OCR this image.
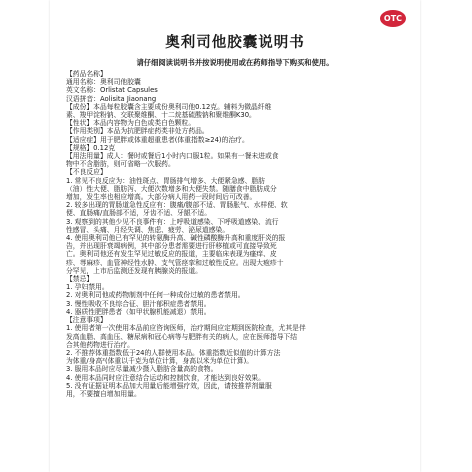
OTC
奥利司他胶囊说明书
请仔细阅读说明书并按说明使用或在药师指导下购买和使用。

【药品名称】

通用名称：奥利司他胶囊

英文名称：Orlistat Capsules

汉语拼音：Aolisita Jiaonang

【成份】本品每粒胶囊含主要成份奥利司他0.12克。辅料为微晶纤维

素、羧甲淀粉钠、交联聚维酮、十二烷基硫酸钠和聚维酮K30。

【性状】本品内容物为白色或类白色颗粒。

【作用类别】本品为抗肥胖症药类非处方药品。

【适应症】用于肥胖或体重超重患者(体重指数≥24)的治疗。

【规格】0.12克

【用法用量】成人：餐时或餐后1小时内口服1粒。如果有一餐未进或食

物中不含脂肪，则可省略一次服药。

【不良反应】

1. 常见不良反应为：油性斑点、胃肠排气增多、大便紧急感、脂肪

（油）性大便、脂肪泻、大便次数增多和大便失禁。随膳食中脂肪成分

增加，发生率也相应增高。大部分病人用药一段时间后可改善。

2. 较多出现的胃肠道急性反应有：腹痛/腹部不适、胃肠胀气、水样便、软

便、直肠痛/直肠部不适，牙齿不适、牙龈不适。

3. 观察到的其他少见不良事件有：上呼吸道感染、下呼吸道感染、流行

性感冒、头痛、月经失调、焦虑、疲劳、泌尿道感染。

4. 使用奥利司他已有罕见的转氨酶升高、碱性磷酸酶升高和重度肝炎的报

告，并出现肝衰竭病例，其中部分患者需要进行肝移植或可直接导致死

亡。奥利司他还有发生罕见过敏反应的报道，主要临床表现为瘙痒、皮

疹、荨麻疹、血管神经性水肿、支气管痉挛和过敏性反应。出现大疱疹十

分罕见，上市后监测还发现有胰腺炎的报道。

【禁忌】

1. 孕妇禁用。

2. 对奥利司他或药物制剂中任何一种成份过敏的患者禁用。

3. 慢性吸收不良综合征、胆汁郁积症患者禁用。

4. 器质性肥胖患者（如甲状腺机能减退）禁用。

【注意事项】

1. 使用者第一次使用本品前应咨询医师，治疗期间应定期到医院检查，尤其是伴

发高血脂、高血压、糖尿病和冠心病等与肥胖有关的病人，应在医师指导下结

合其他药物进行治疗。

2. 不推荐体重指数低于24的人群使用本品。体重指数近似值的计算方法

为体重/身高²(体重以千克为单位计算，身高以米为单位计算)。

3. 服用本品时应尽量减少摄入脂肪含量高的食物。

4. 使用本品同时应注意结合运动和控制饮食，才能达到良好效果。

5. 没有证据证明本品加大用量后能增强疗效，因此，请按推荐剂量服

用，不要擅自增加用量。
